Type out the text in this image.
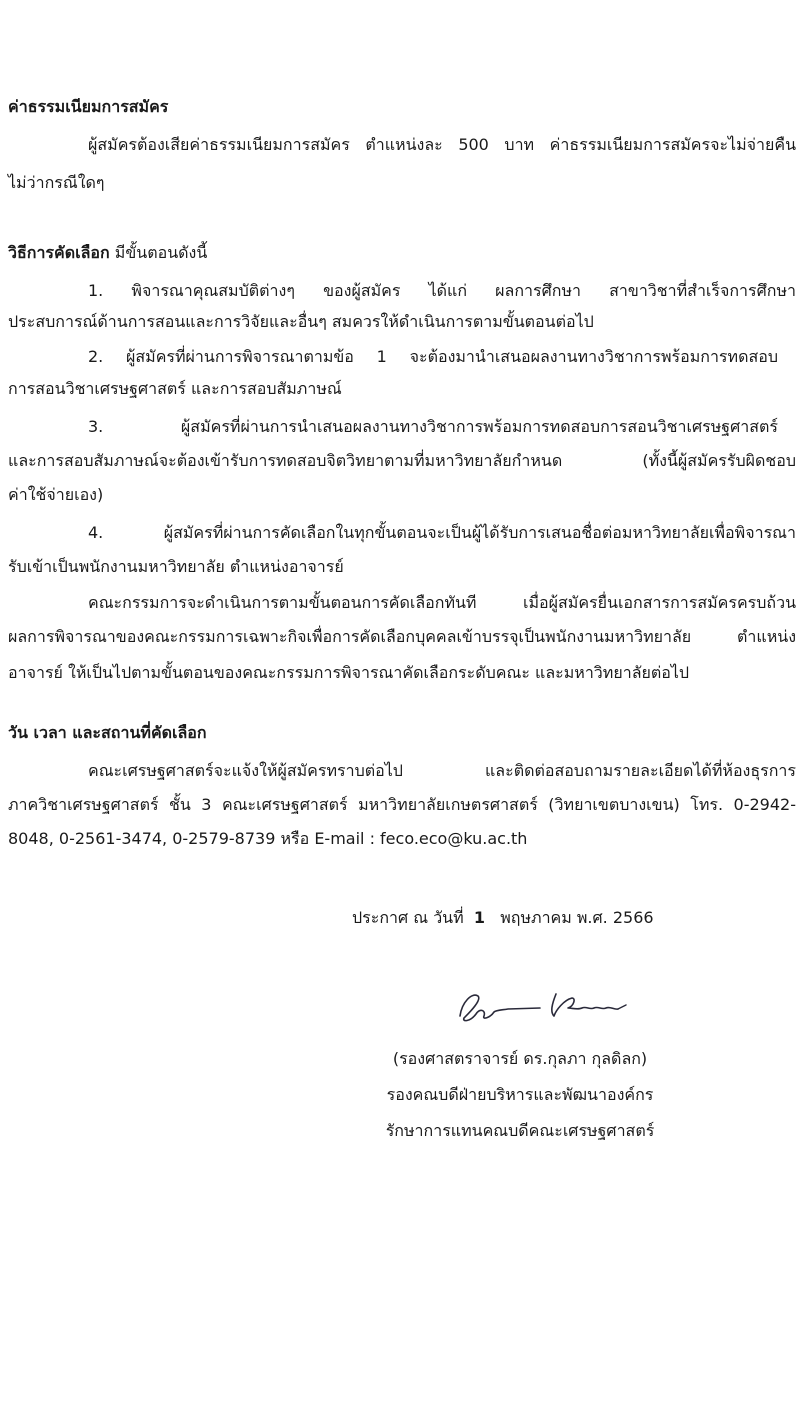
ค่าธรรมเนียมการสมัคร
ผู้สมัครต้องเสียค่าธรรมเนียมการสมัคร ตำแหน่งละ 500 บาท ค่าธรรมเนียมการสมัครจะไม่จ่ายคืน
ไม่ว่ากรณีใดๆ
วิธีการคัดเลือก มีขั้นตอนดังนี้
1. พิจารณาคุณสมบัติต่างๆ ของผู้สมัคร ได้แก่ ผลการศึกษา สาขาวิชาที่สำเร็จการศึกษา
ประสบการณ์ด้านการสอนและการวิจัยและอื่นๆ สมควรให้ดำเนินการตามขั้นตอนต่อไป
2. ผู้สมัครที่ผ่านการพิจารณาตามข้อ 1 จะต้องมานำเสนอผลงานทางวิชาการพร้อมการทดสอบ
การสอนวิชาเศรษฐศาสตร์ และการสอบสัมภาษณ์
3. ผู้สมัครที่ผ่านการนำเสนอผลงานทางวิชาการพร้อมการทดสอบการสอนวิชาเศรษฐศาสตร์
และการสอบสัมภาษณ์จะต้องเข้ารับการทดสอบจิตวิทยาตามที่มหาวิทยาลัยกำหนด (ทั้งนี้ผู้สมัครรับผิดชอบ
ค่าใช้จ่ายเอง)
4. ผู้สมัครที่ผ่านการคัดเลือกในทุกขั้นตอนจะเป็นผู้ได้รับการเสนอชื่อต่อมหาวิทยาลัยเพื่อพิจารณา
รับเข้าเป็นพนักงานมหาวิทยาลัย ตำแหน่งอาจารย์
คณะกรรมการจะดำเนินการตามขั้นตอนการคัดเลือกทันที เมื่อผู้สมัครยื่นเอกสารการสมัครครบถ้วน
ผลการพิจารณาของคณะกรรมการเฉพาะกิจเพื่อการคัดเลือกบุคคลเข้าบรรจุเป็นพนักงานมหาวิทยาลัย ตำแหน่ง
อาจารย์ ให้เป็นไปตามขั้นตอนของคณะกรรมการพิจารณาคัดเลือกระดับคณะ และมหาวิทยาลัยต่อไป
วัน เวลา และสถานที่คัดเลือก
คณะเศรษฐศาสตร์จะแจ้งให้ผู้สมัครทราบต่อไป และติดต่อสอบถามรายละเอียดได้ที่ห้องธุรการ
ภาควิชาเศรษฐศาสตร์ ชั้น 3 คณะเศรษฐศาสตร์ มหาวิทยาลัยเกษตรศาสตร์ (วิทยาเขตบางเขน) โทร. 0-2942-
8048, 0-2561-3474, 0-2579-8739 หรือ E-mail : feco.eco@ku.ac.th
ประกาศ ณ วันที่ 1 พฤษภาคม พ.ศ. 2566
(รองศาสตราจารย์ ดร.กุลภา กุลดิลก)
รองคณบดีฝ่ายบริหารและพัฒนาองค์กร
รักษาการแทนคณบดีคณะเศรษฐศาสตร์
